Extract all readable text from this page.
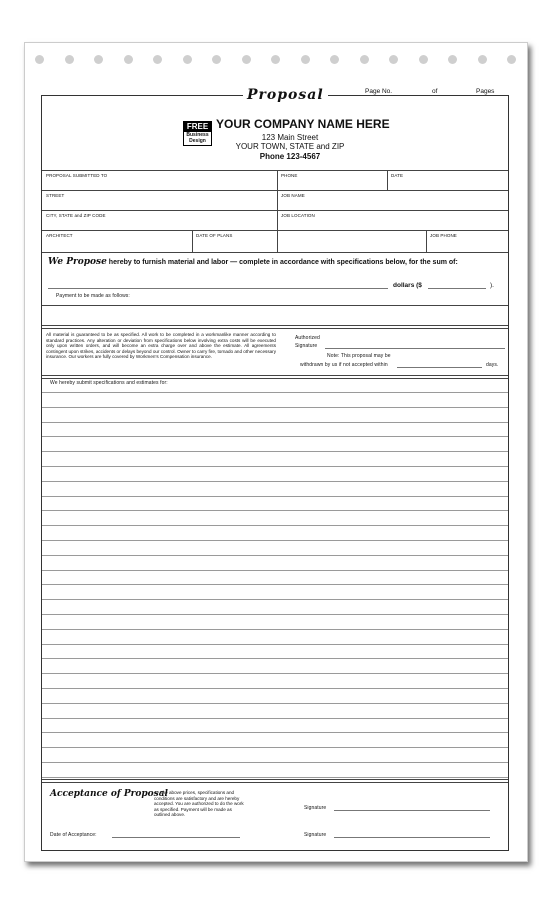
Proposal	Page No.	of	Pages
FREE
Business
Design
YOUR COMPANY NAME HERE
123 Main Street
YOUR TOWN, STATE and ZIP
Phone 123-4567
PROPOSAL SUBMITTED TO	PHONE	DATE
STREET	JOB NAME
CITY, STATE and ZIP CODE	JOB LOCATION
ARCHITECT	DATE OF PLANS	JOB PHONE
We Propose hereby to furnish material and labor — complete in accordance with specifications below, for the sum of:
dollars ($	).
Payment to be made as follows:
All material is guaranteed to be as specified. All work to be completed in a workmanlike manner according to standard practices. Any alteration or deviation from specifications below involving extra costs will be executed only upon written orders, and will become an extra charge over and above the estimate. All agreements contingent upon strikes, accidents or delays beyond our control. Owner to carry fire, tornado and other necessary insurance. Our workers are fully covered by Workmen's Compensation insurance.
Authorized
Signature
Note: This proposal may be
withdrawn by us if not accepted within	days.
We hereby submit specifications and estimates for:
Acceptance of Proposal
— The above prices, specifications and conditions are satisfactory and are hereby accepted. You are authorized to do the work as specified. Payment will be made as outlined above.
Date of Acceptance:
Signature
Signature
